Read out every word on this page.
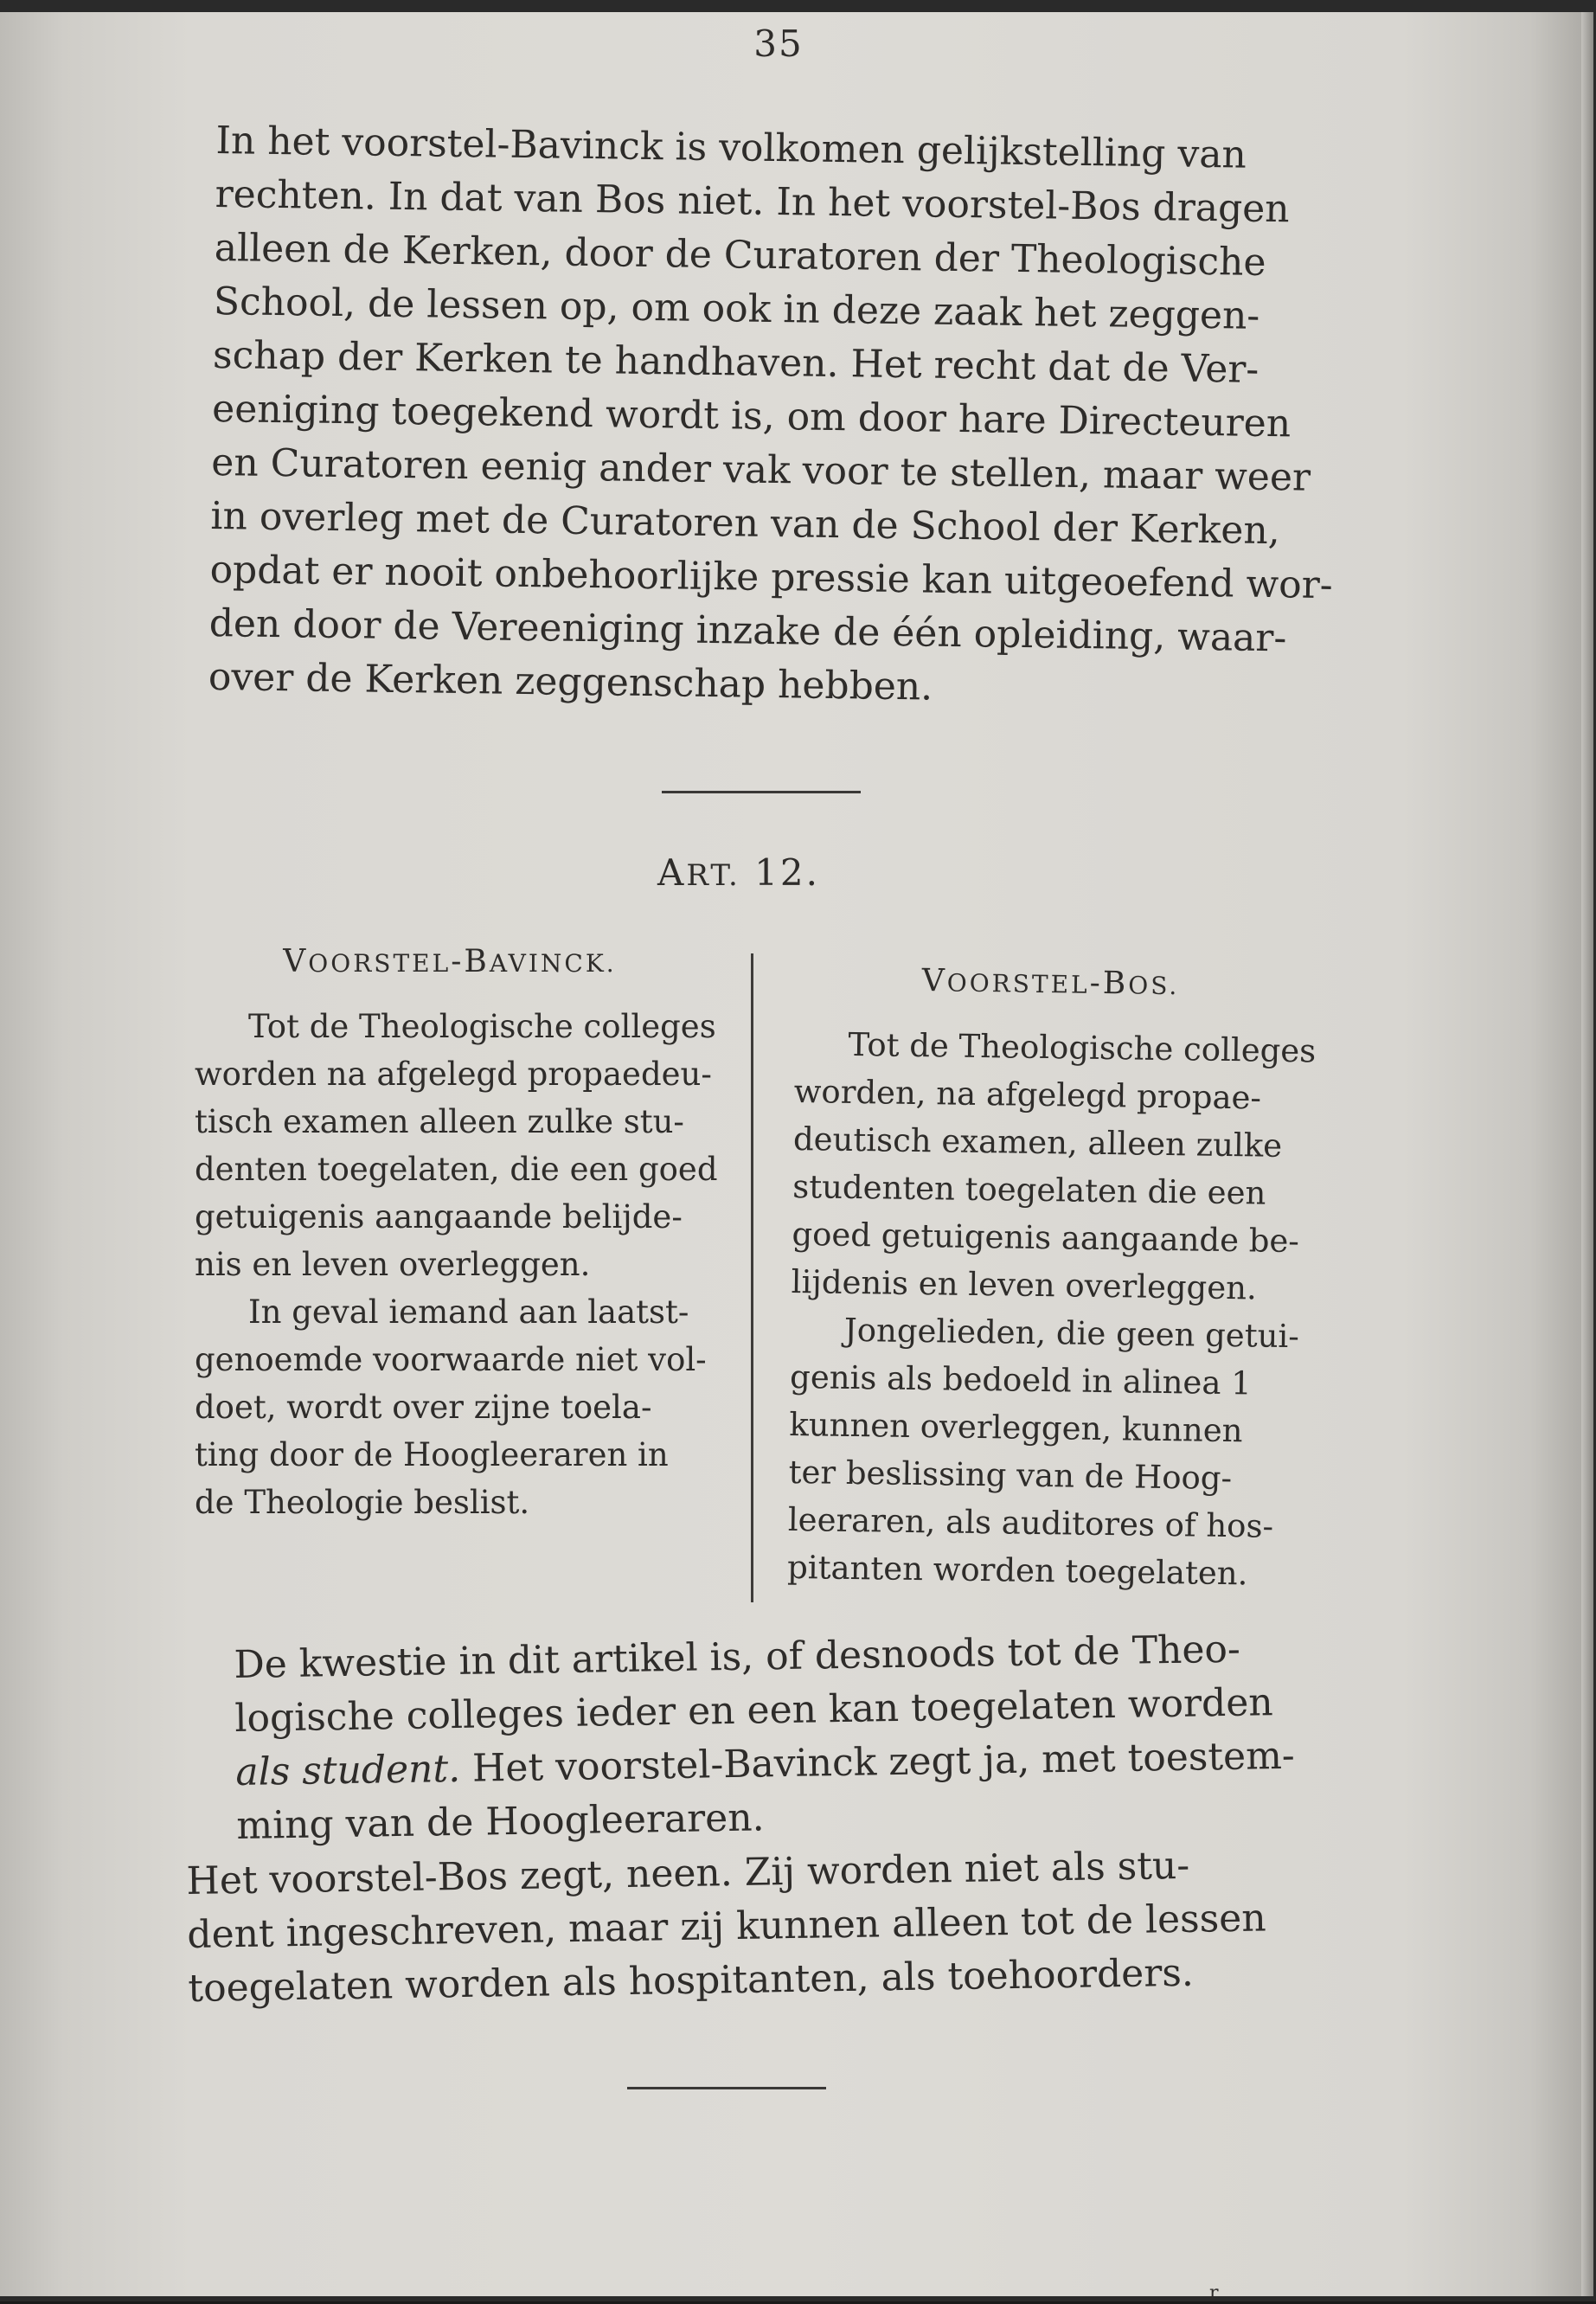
35

In het voorstel-Bavinck is volkomen gelijkstelling van
rechten. In dat van Bos niet. In het voorstel-Bos dragen
alleen de Kerken, door de Curatoren der Theologische
School, de lessen op, om ook in deze zaak het zeggen-
schap der Kerken te handhaven. Het recht dat de Ver-
eeniging toegekend wordt is, om door hare Directeuren
en Curatoren eenig ander vak voor te stellen, maar weer
in overleg met de Curatoren van de School der Kerken,
opdat er nooit onbehoorlijke pressie kan uitgeoefend wor-
den door de Vereeniging inzake de één opleiding, waar-
over de Kerken zeggenschap hebben.

ART. 12.
VOORSTEL-BAVINCK.
Tot de Theologische colleges
worden na afgelegd propaedeu-
tisch examen alleen zulke stu-
denten toegelaten, die een goed
getuigenis aangaande belijde-
nis en leven overleggen.
In geval iemand aan laatst-
genoemde voorwaarde niet vol-
doet, wordt over zijne toela-
ting door de Hoogleeraren in
de Theologie beslist.
VOORSTEL-BOS.
Tot de Theologische colleges
worden, na afgelegd propae-
deutisch examen, alleen zulke
studenten toegelaten die een
goed getuigenis aangaande be-
lijdenis en leven overleggen.
Jongelieden, die geen getui-
genis als bedoeld in alinea 1
kunnen overleggen, kunnen
ter beslissing van de Hoog-
leeraren, als auditores of hos-
pitanten worden toegelaten.

De kwestie in dit artikel is, of desnoods tot de Theo-
logische colleges ieder en een kan toegelaten worden
als student. Het voorstel-Bavinck zegt ja, met toestem-
ming van de Hoogleeraren.

Het voorstel-Bos zegt, neen. Zij worden niet als stu-
dent ingeschreven, maar zij kunnen alleen tot de lessen
toegelaten worden als hospitanten, als toehoorders.

r
